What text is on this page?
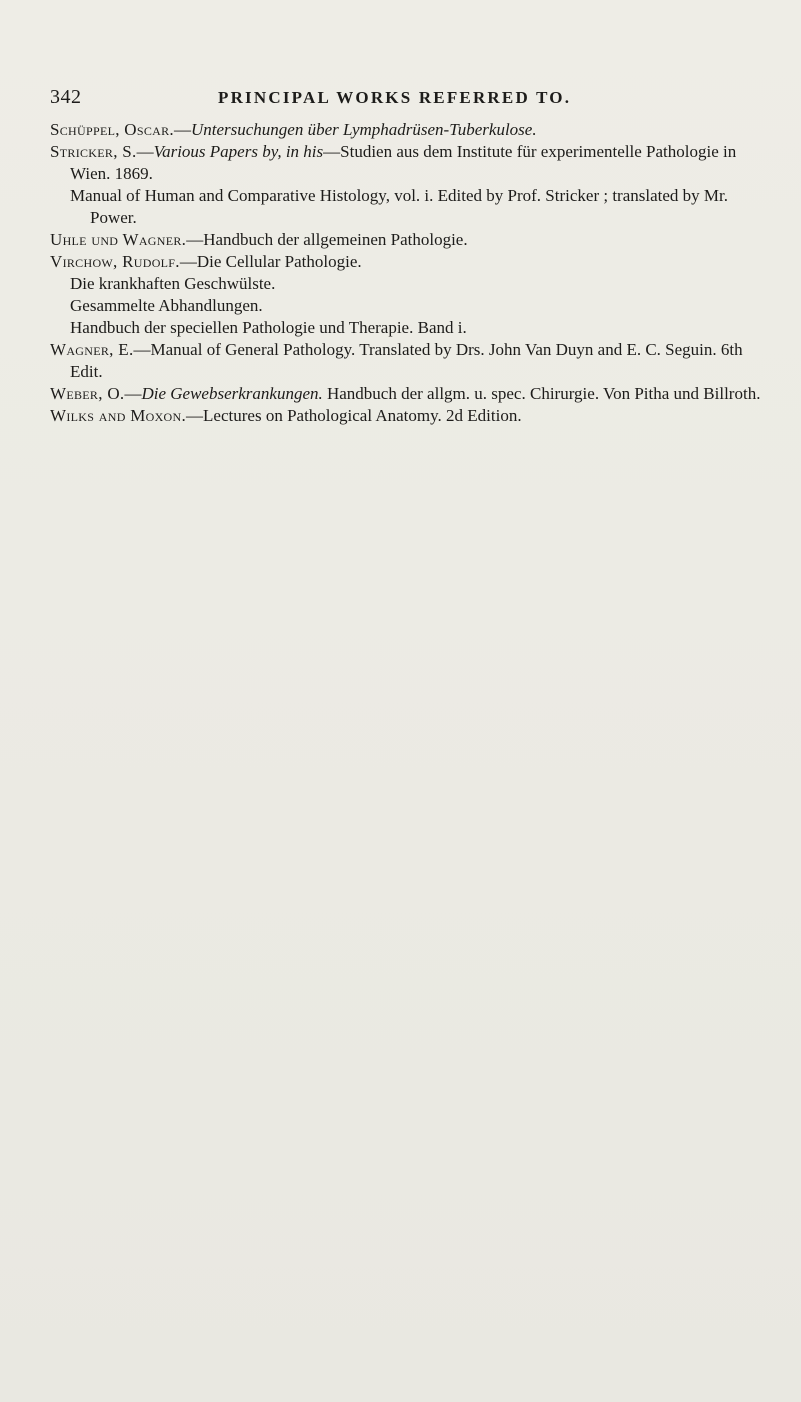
342	PRINCIPAL WORKS REFERRED TO.

Schüppel, Oscar.—Untersuchungen über Lymphadrüsen-Tuberkulose.

Stricker, S.—Various Papers by, in his—Studien aus dem Institute für experimentelle Pathologie in Wien. 1869.

Manual of Human and Comparative Histology, vol. i. Edited by Prof. Stricker ; translated by Mr. Power.

Uhle und Wagner.—Handbuch der allgemeinen Pathologie.

Virchow, Rudolf.—Die Cellular Pathologie.

Die krankhaften Geschwülste.

Gesammelte Abhandlungen.

Handbuch der speciellen Pathologie und Therapie. Band i.

Wagner, E.—Manual of General Pathology. Translated by Drs. John Van Duyn and E. C. Seguin. 6th Edit.

Weber, O.—Die Gewebserkrankungen. Handbuch der allgm. u. spec. Chirurgie. Von Pitha und Billroth.

Wilks and Moxon.—Lectures on Pathological Anatomy. 2d Edition.
